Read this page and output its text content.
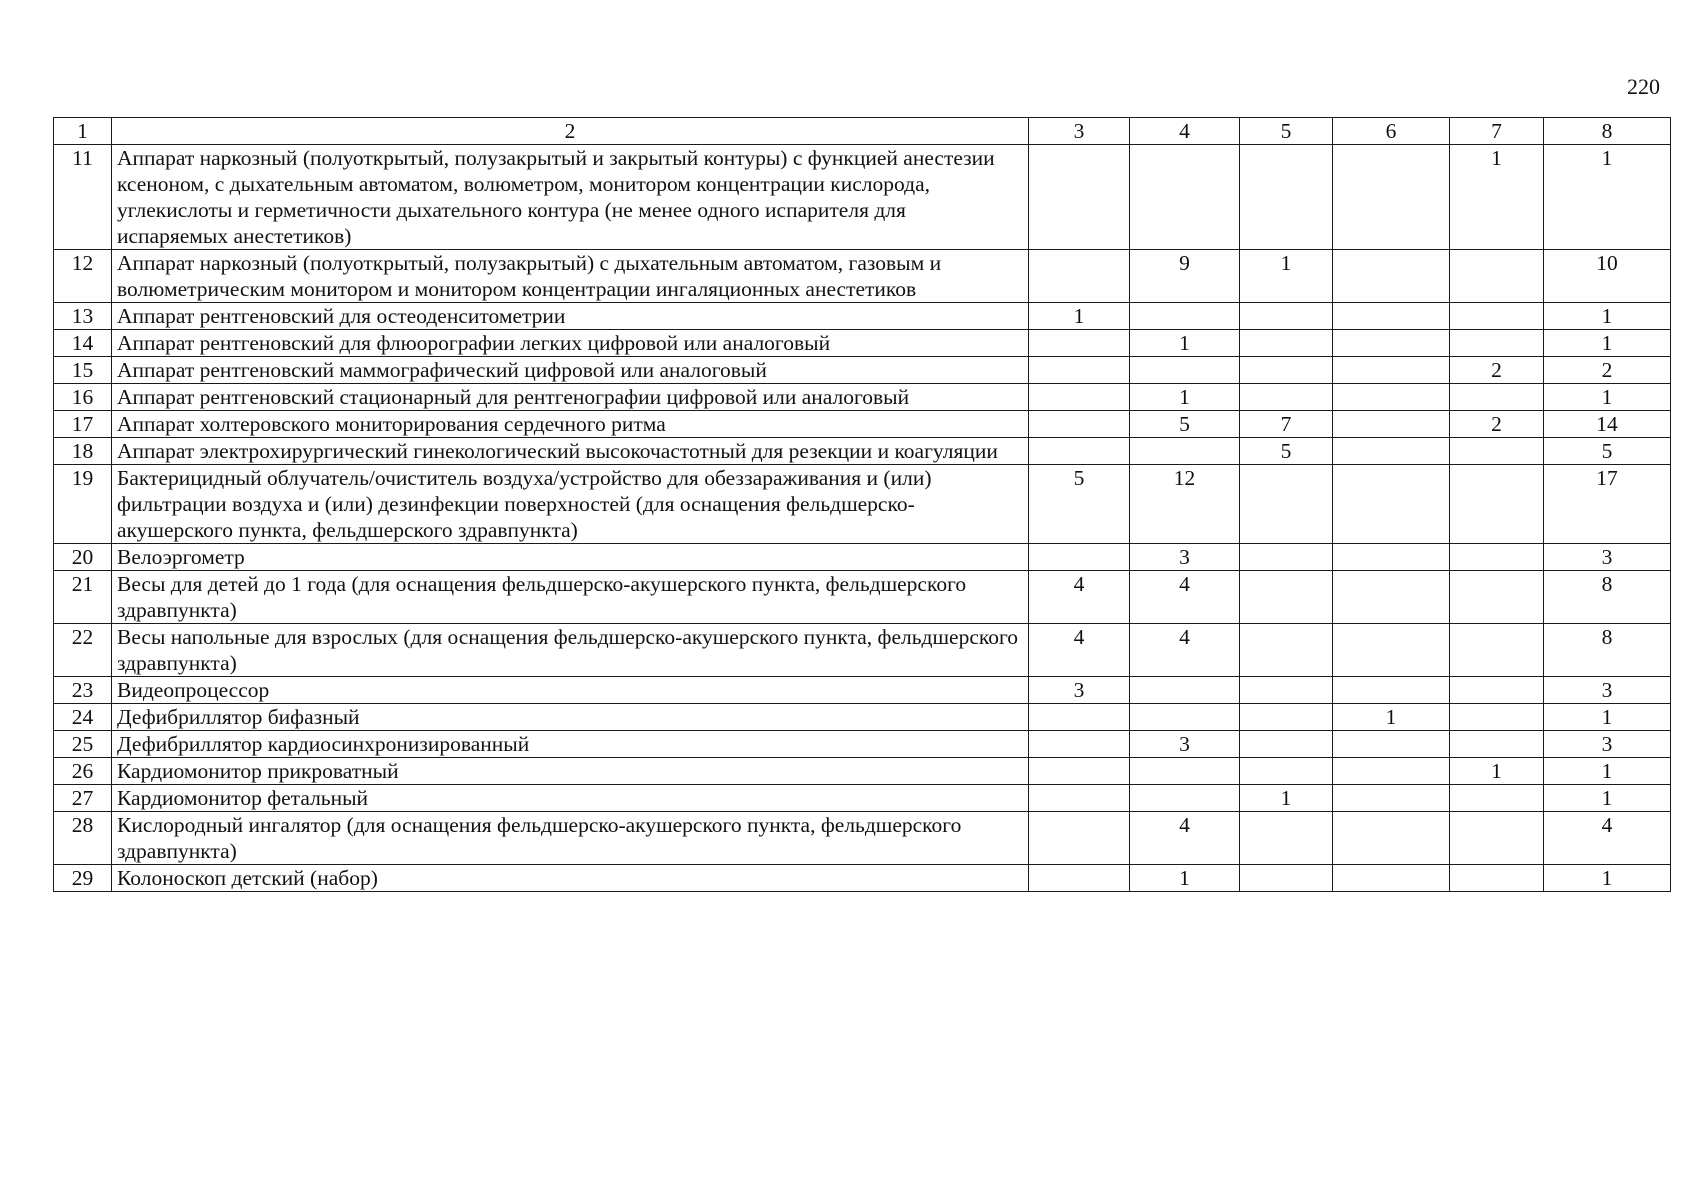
220
1	2	3	4	5	6	7	8
11	Аппарат наркозный (полуоткрытый, полузакрытый и закрытый контуры) с функцией анестезии ксеноном, с дыхательным автоматом, волюметром, монитором концентрации кислорода, углекислоты и герметичности дыхательного контура (не менее одного испарителя для испаряемых анестетиков)					1	1
12	Аппарат наркозный (полуоткрытый, полузакрытый) с дыхательным автоматом, газовым и волюметрическим монитором и монитором концентрации ингаляционных анестетиков		9	1			10
13	Аппарат рентгеновский для остеоденситометрии	1					1
14	Аппарат рентгеновский для флюорографии легких цифровой или аналоговый		1				1
15	Аппарат рентгеновский маммографический цифровой или аналоговый					2	2
16	Аппарат рентгеновский стационарный для рентгенографии цифровой или аналоговый		1				1
17	Аппарат холтеровского мониторирования сердечного ритма		5	7		2	14
18	Аппарат электрохирургический гинекологический высокочастотный для резекции и коагуляции			5			5
19	Бактерицидный облучатель/очиститель воздуха/устройство для обеззараживания и (или) фильтрации воздуха и (или) дезинфекции поверхностей (для оснащения фельдшерско-акушерского пункта, фельдшерского здравпункта)	5	12				17
20	Велоэргометр		3				3
21	Весы для детей до 1 года (для оснащения фельдшерско-акушерского пункта, фельдшерского здравпункта)	4	4				8
22	Весы напольные для взрослых (для оснащения фельдшерско-акушерского пункта, фельдшерского здравпункта)	4	4				8
23	Видеопроцессор	3					3
24	Дефибриллятор бифазный				1		1
25	Дефибриллятор кардиосинхронизированный		3				3
26	Кардиомонитор прикроватный					1	1
27	Кардиомонитор фетальный			1			1
28	Кислородный ингалятор (для оснащения фельдшерско-акушерского пункта, фельдшерского здравпункта)		4				4
29	Колоноскоп детский (набор)		1				1
